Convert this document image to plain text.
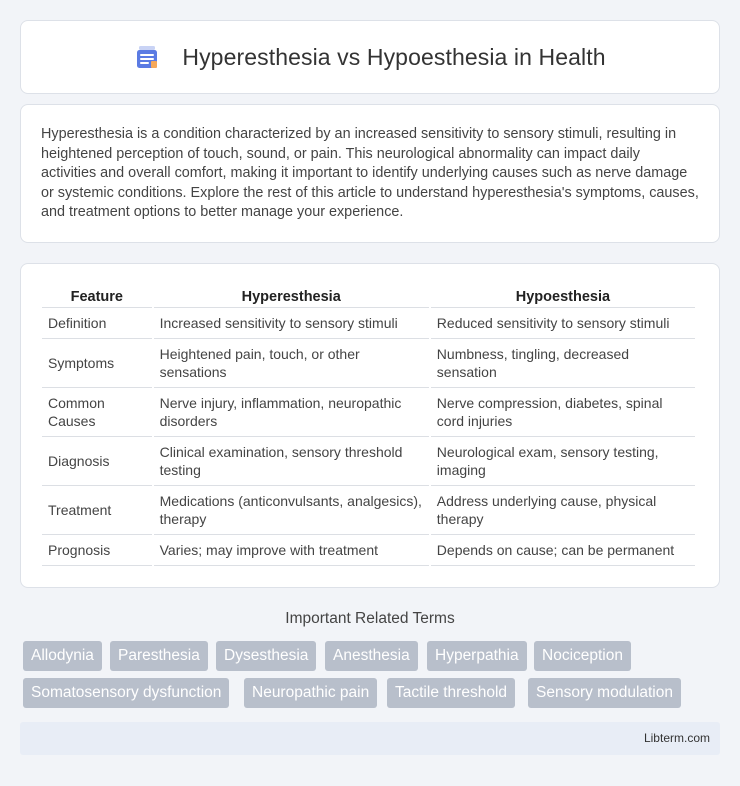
Hyperesthesia vs Hypoesthesia in Health

Hyperesthesia is a condition characterized by an increased sensitivity to sensory stimuli, resulting in heightened perception of touch, sound, or pain. This neurological abnormality can impact daily activities and overall comfort, making it important to identify underlying causes such as nerve damage or systemic conditions. Explore the rest of this article to understand hyperesthesia's symptoms, causes, and treatment options to better manage your experience.

Feature	Hyperesthesia	Hypoesthesia
Definition	Increased sensitivity to sensory stimuli	Reduced sensitivity to sensory stimuli
Symptoms	Heightened pain, touch, or other sensations	Numbness, tingling, decreased sensation
Common Causes	Nerve injury, inflammation, neuropathic disorders	Nerve compression, diabetes, spinal cord injuries
Diagnosis	Clinical examination, sensory threshold testing	Neurological exam, sensory testing, imaging
Treatment	Medications (anticonvulsants, analgesics), therapy	Address underlying cause, physical therapy
Prognosis	Varies; may improve with treatment	Depends on cause; can be permanent
Important Related Terms
Allodynia	Paresthesia	Dysesthesia	Anesthesia	Hyperpathia	Nociception
Somatosensory dysfunction	Neuropathic pain	Tactile threshold	Sensory modulation
Libterm.com
